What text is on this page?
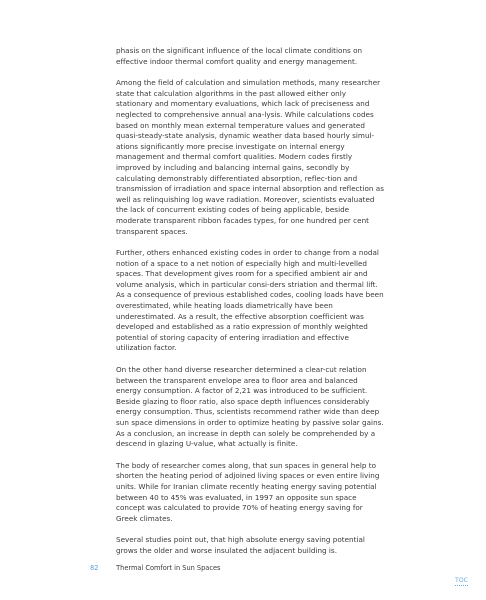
phasis on the significant influence of the local climate conditions on effective indoor thermal comfort quality and energy management.

Among the field of calculation and simulation methods, many researcher state that calculation algorithms in the past allowed either only stationary and momentary evaluations, which lack of preciseness and neglected to comprehensive annual ana-lysis. While calculations codes based on monthly mean external temperature values and generated quasi-steady-state analysis, dynamic weather data based hourly simul-ations significantly more precise investigate on internal energy management and thermal comfort qualities. Modern codes firstly improved by including and balancing internal gains, secondly by calculating demonstrably differentiated absorption, reflec-tion and transmission of irradiation and space internal absorption and reflection as well as relinquishing log wave radiation. Moreover, scientists evaluated the lack of concurrent existing codes of being applicable, beside moderate transparent ribbon facades types, for one hundred per cent transparent spaces.

Further, others enhanced existing codes in order to change from a nodal notion of a space to a net notion of especially high and multi-levelled spaces. That development gives room for a specified ambient air and volume analysis, which in particular consi-ders striation and thermal lift. As a consequence of previous established codes, cooling loads have been overestimated, while heating loads diametrically have been underestimated. As a result, the effective absorption coefficient was developed and established as a ratio expression of monthly weighted potential of storing capacity of entering irradiation and effective utilization factor.

On the other hand diverse researcher determined a clear-cut relation between the transparent envelope area to floor area and balanced energy consumption. A factor of 2,21 was introduced to be sufficient. Beside glazing to floor ratio, also space depth influences considerably energy consumption. Thus, scientists recommend rather wide than deep sun space dimensions in order to optimize heating by passive solar gains. As a conclusion, an increase in depth can solely be comprehended by a descend in glazing U-value, what actually is finite.

The body of researcher comes along, that sun spaces in general help to shorten the heating period of adjoined living spaces or even entire living units. While for Iranian climate recently heating energy saving potential between 40 to 45% was evaluated, in 1997 an opposite sun space concept was calculated to provide 70% of heating energy saving for Greek climates.

Several studies point out, that high absolute energy saving potential grows the older and worse insulated the adjacent building is.

82	Thermal Comfort in Sun Spaces
TOC
